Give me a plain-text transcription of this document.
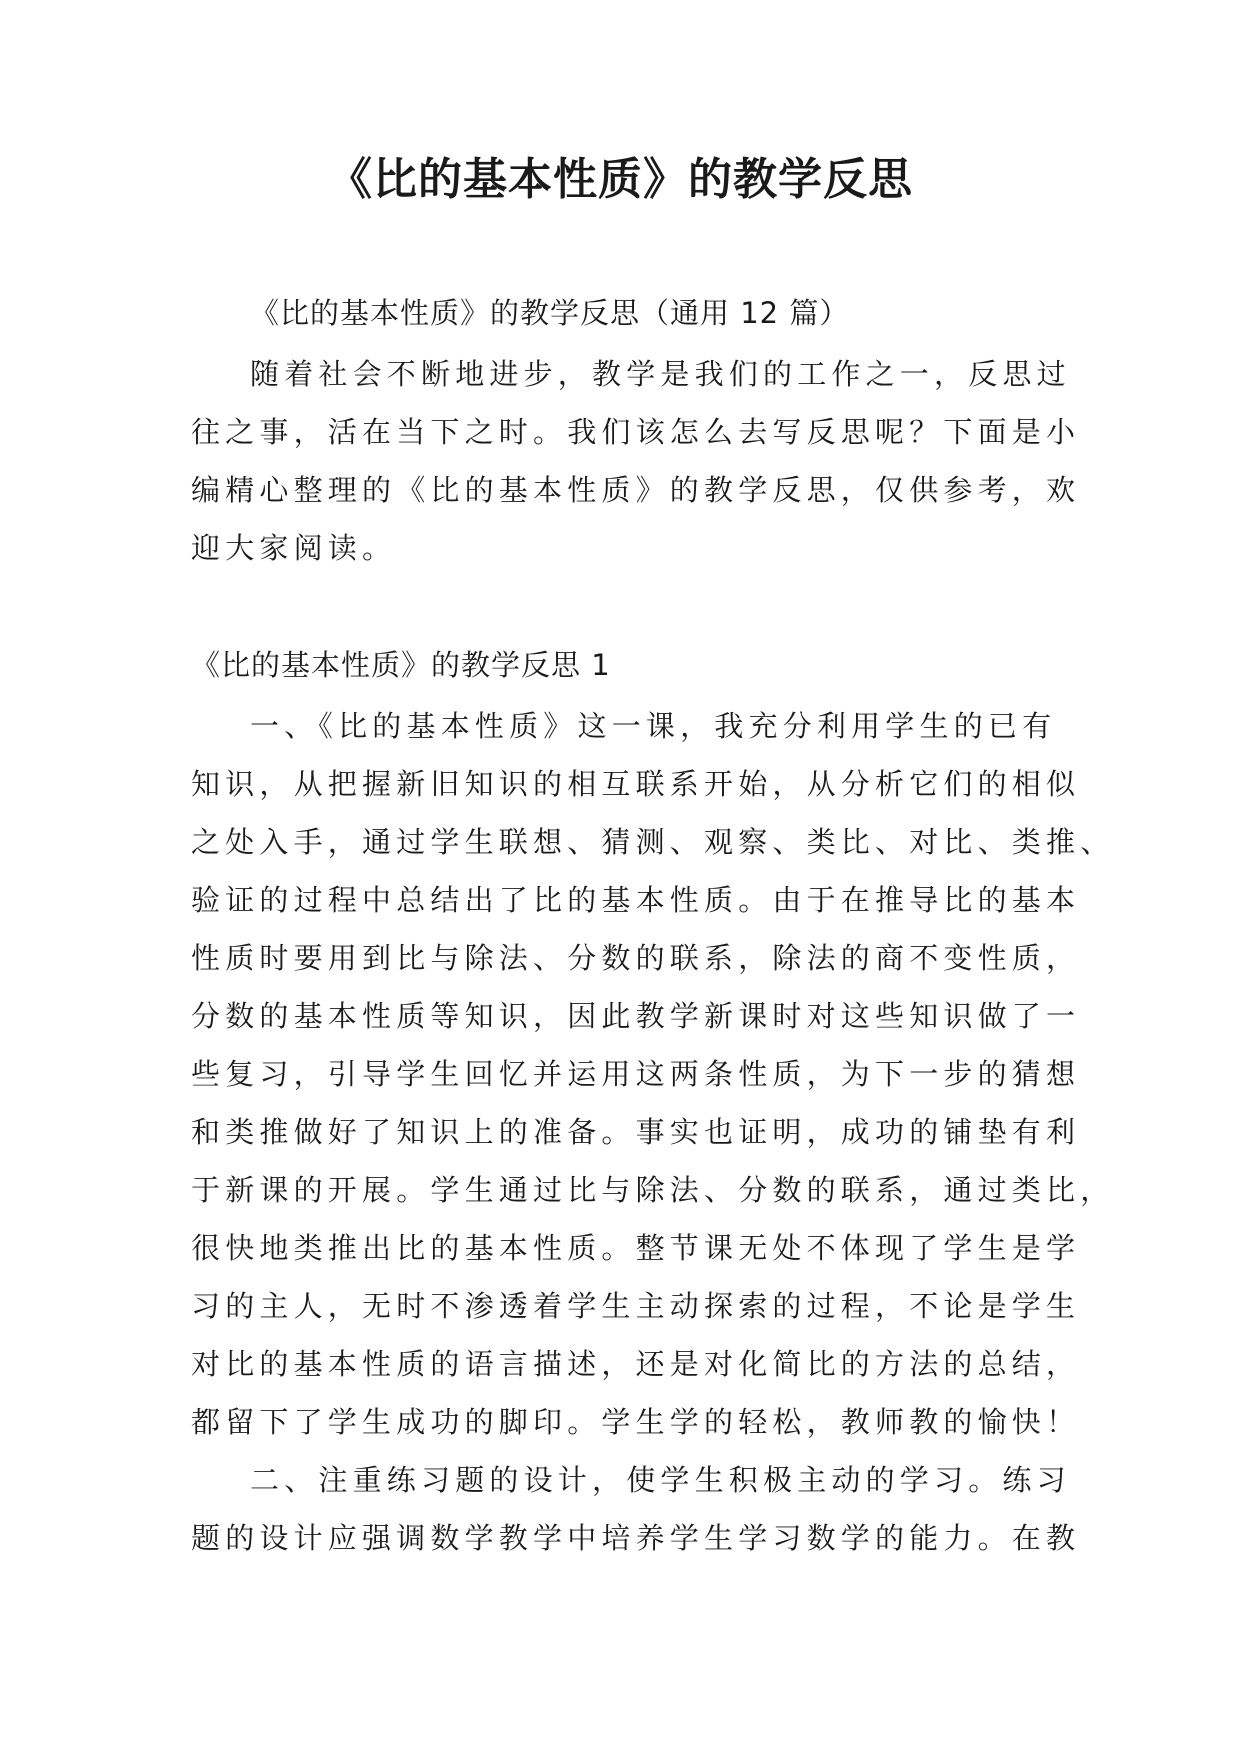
《比的基本性质》的教学反思

《比的基本性质》的教学反思（通用 12 篇）

随着社会不断地进步，教学是我们的工作之一，反思过
往之事，活在当下之时。我们该怎么去写反思呢？下面是小
编精心整理的《比的基本性质》的教学反思，仅供参考，欢
迎大家阅读。

《比的基本性质》的教学反思 1

一、《比的基本性质》这一课，我充分利用学生的已有
知识，从把握新旧知识的相互联系开始，从分析它们的相似
之处入手，通过学生联想、猜测、观察、类比、对比、类推、
验证的过程中总结出了比的基本性质。由于在推导比的基本
性质时要用到比与除法、分数的联系，除法的商不变性质，
分数的基本性质等知识，因此教学新课时对这些知识做了一
些复习，引导学生回忆并运用这两条性质，为下一步的猜想
和类推做好了知识上的准备。事实也证明，成功的铺垫有利
于新课的开展。学生通过比与除法、分数的联系，通过类比，
很快地类推出比的基本性质。整节课无处不体现了学生是学
习的主人，无时不渗透着学生主动探索的过程，不论是学生
对比的基本性质的语言描述，还是对化简比的方法的总结，
都留下了学生成功的脚印。学生学的轻松，教师教的愉快！
二、注重练习题的设计，使学生积极主动的学习。练习
题的设计应强调数学教学中培养学生学习数学的能力。在教
